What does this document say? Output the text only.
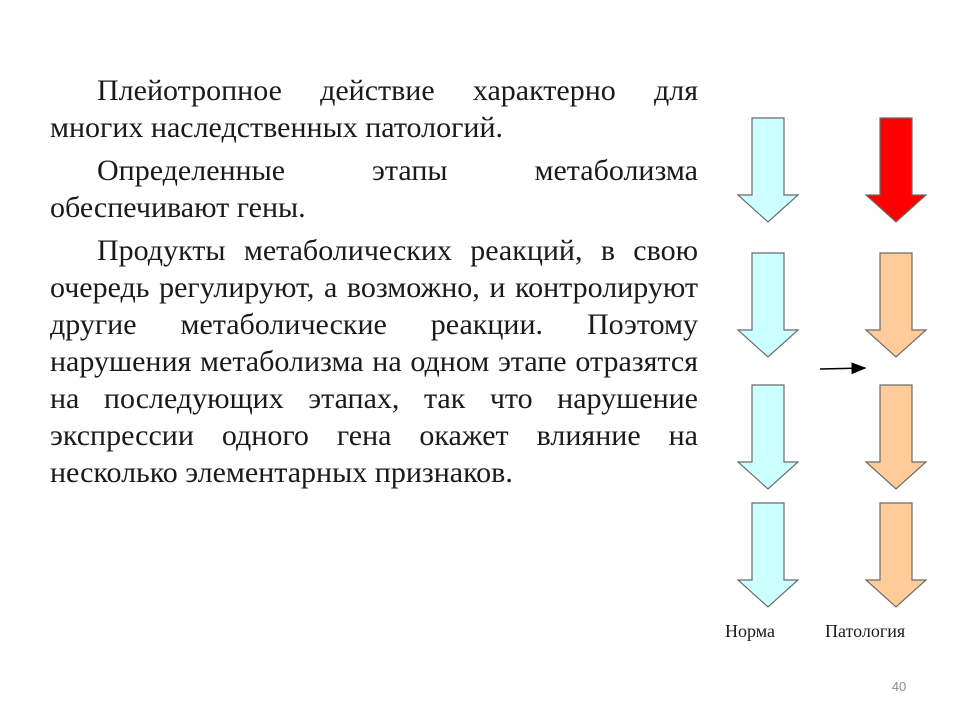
Плейотропное действие характерно для многих наследственных патологий.

Определенные этапы метаболизма обеспечивают гены.

Продукты метаболических реакций, в свою очередь регулируют, а возможно, и контролируют другие метаболические реакции. Поэтому нарушения метаболизма на одном этапе отразятся на последующих этапах, так что нарушение экспрессии одного гена окажет влияние на несколько элементарных признаков.

Норма	Патология
40
